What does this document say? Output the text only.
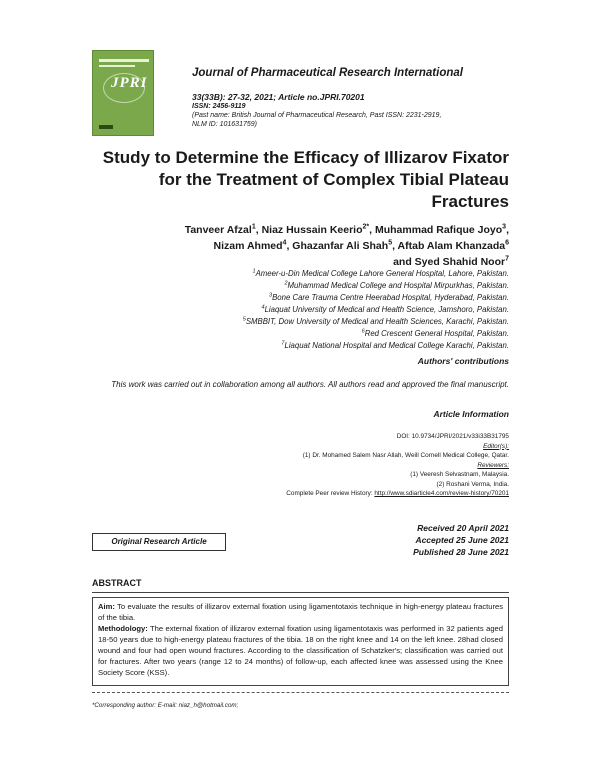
JPRI
Journal of Pharmaceutical Research International
33(33B): 27-32, 2021; Article no.JPRI.70201
ISSN: 2456-9119
(Past name: British Journal of Pharmaceutical Research, Past ISSN: 2231-2919,
NLM ID: 101631759)
Study to Determine the Efficacy of Illizarov Fixator
for the Treatment of Complex Tibial Plateau
Fractures
Tanveer Afzal$^1$, Niaz Hussain Keerio$^{2*}$, Muhammad Rafique Joyo$^3$,
Nizam Ahmed$^4$, Ghazanfar Ali Shah$^5$, Aftab Alam Khanzada$^6$
and Syed Shahid Noor$^7$
$^1$Ameer-u-Din Medical College Lahore General Hospital, Lahore, Pakistan.
$^2$Muhammad Medical College and Hospital Mirpurkhas, Pakistan.
$^3$Bone Care Trauma Centre Heerabad Hospital, Hyderabad, Pakistan.
$^4$Liaquat University of Medical and Health Science, Jamshoro, Pakistan.
$^5$SMBBIT, Dow University of Medical and Health Sciences, Karachi, Pakistan.
$^6$Red Crescent General Hospital, Pakistan.
$^7$Liaquat National Hospital and Medical College Karachi, Pakistan.
Authors' contributions
This work was carried out in collaboration among all authors. All authors read and approved the final manuscript.
Article Information
DOI: 10.9734/JPRI/2021/v33i33B31795
Editor(s):
(1) Dr. Mohamed Salem Nasr Allah, Weill Cornell Medical College, Qatar.
Reviewers:
(1) Veeresh Selvastnam, Malaysia.
(2) Roshani Verma, India.
Complete Peer review History: http://www.sdiarticle4.com/review-history/70201
Original Research Article
Received 20 April 2021
Accepted 25 June 2021
Published 28 June 2021
ABSTRACT
Aim: To evaluate the results of illizarov external fixation using ligamentotaxis technique in high-energy plateau fractures of the tibia.
Methodology: The external fixation of illizarov external fixation using ligamentotaxis was performed in 32 patients aged 18-50 years due to high-energy plateau fractures of the tibia. 18 on the right knee and 14 on the left knee. 28had closed wound and four had open wound fractures. According to the classification of Schatzker's; classification was carried out for fractures. After two years (range 12 to 24 months) of follow-up, each affected knee was assessed using the Knee Society Score (KSS).
*Corresponding author: E-mail: niaz_h@hotmail.com;
